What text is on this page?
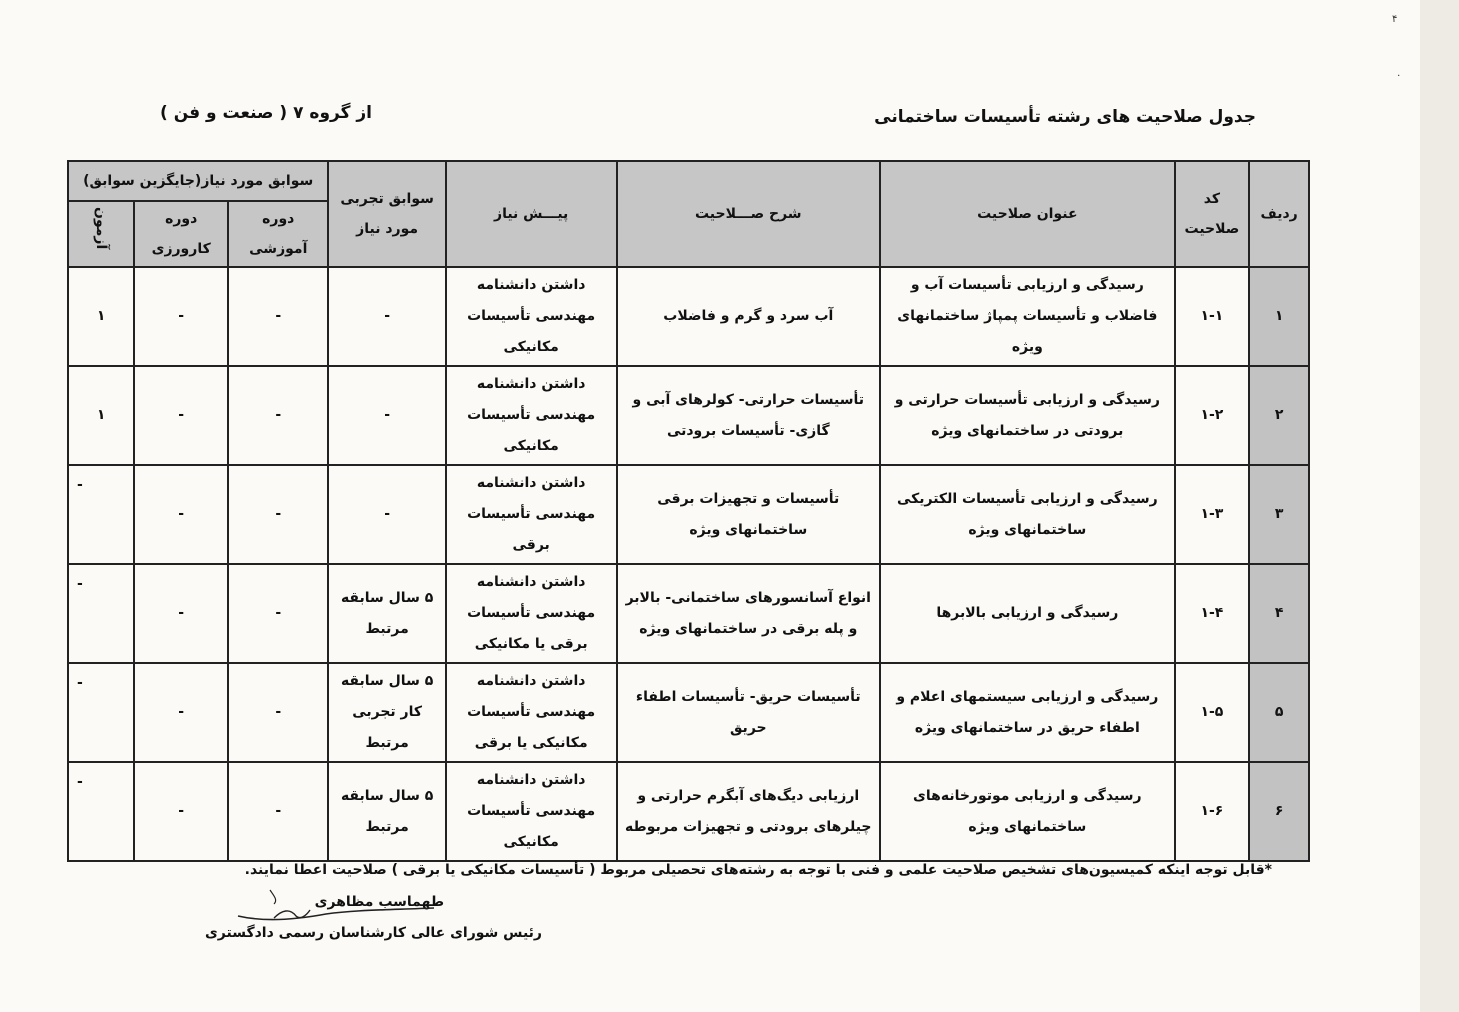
۴
۰
جدول صلاحیت های رشته تأسیسات ساختمانی
از گروه ۷ ( صنعت و فن )
ردیف	کد صلاحیت	عنوان صلاحیت	شرح صـــلاحیت	پیـــش نیاز	سوابق تجربی مورد نیاز	سوابق مورد نیاز(جایگزین سوابق)		
						دوره آموزشی	دوره کارورزی	آزمون
۱	۱-۱	رسیدگی و ارزیابی تأسیسات آب و فاضلاب و تأسیسات پمپاژ ساختمانهای ویژه	آب سرد و گرم و فاضلاب	داشتن دانشنامه مهندسی تأسیسات مکانیکی	-	-	-	۱
۲	۱-۲	رسیدگی و ارزیابی تأسیسات حرارتی و برودتی در ساختمانهای ویژه	تأسیسات حرارتی- کولرهای آبی و گازی- تأسیسات برودتی	داشتن دانشنامه مهندسی تأسیسات مکانیکی	-	-	-	۱
۳	۱-۳	رسیدگی و ارزیابی تأسیسات الکتریکی ساختمانهای ویژه	تأسیسات و تجهیزات برقی ساختمانهای ویژه	داشتن دانشنامه مهندسی تأسیسات برقی	-	-	-	-
۴	۱-۴	رسیدگی و ارزیابی بالابرها	انواع آسانسورهای ساختمانی- بالابر و پله برقی در ساختمانهای ویژه	داشتن دانشنامه مهندسی تأسیسات برقی یا مکانیکی	۵ سال سابقه مرتبط	-	-	-
۵	۱-۵	رسیدگی و ارزیابی سیستمهای اعلام و اطفاء حریق در ساختمانهای ویژه	تأسیسات حریق- تأسیسات اطفاء حریق	داشتن دانشنامه مهندسی تأسیسات مکانیکی یا برقی	۵ سال سابقه کار تجربی مرتبط	-	-	-
۶	۱-۶	رسیدگی و ارزیابی موتورخانه‌های ساختمانهای ویژه	ارزیابی دیگ‌های آبگرم حرارتی و چیلرهای برودتی و تجهیزات مربوطه	داشتن دانشنامه مهندسی تأسیسات مکانیکی	۵ سال سابقه مرتبط	-	-	-
*قابل توجه اینکه کمیسیون‌های تشخیص صلاحیت علمی و فنی با توجه به رشته‌های تحصیلی مربوط ( تأسیسات مکانیکی یا برقی ) صلاحیت اعطا نمایند.
طهماسب مظاهری
رئیس شورای عالی کارشناسان رسمی دادگستری
